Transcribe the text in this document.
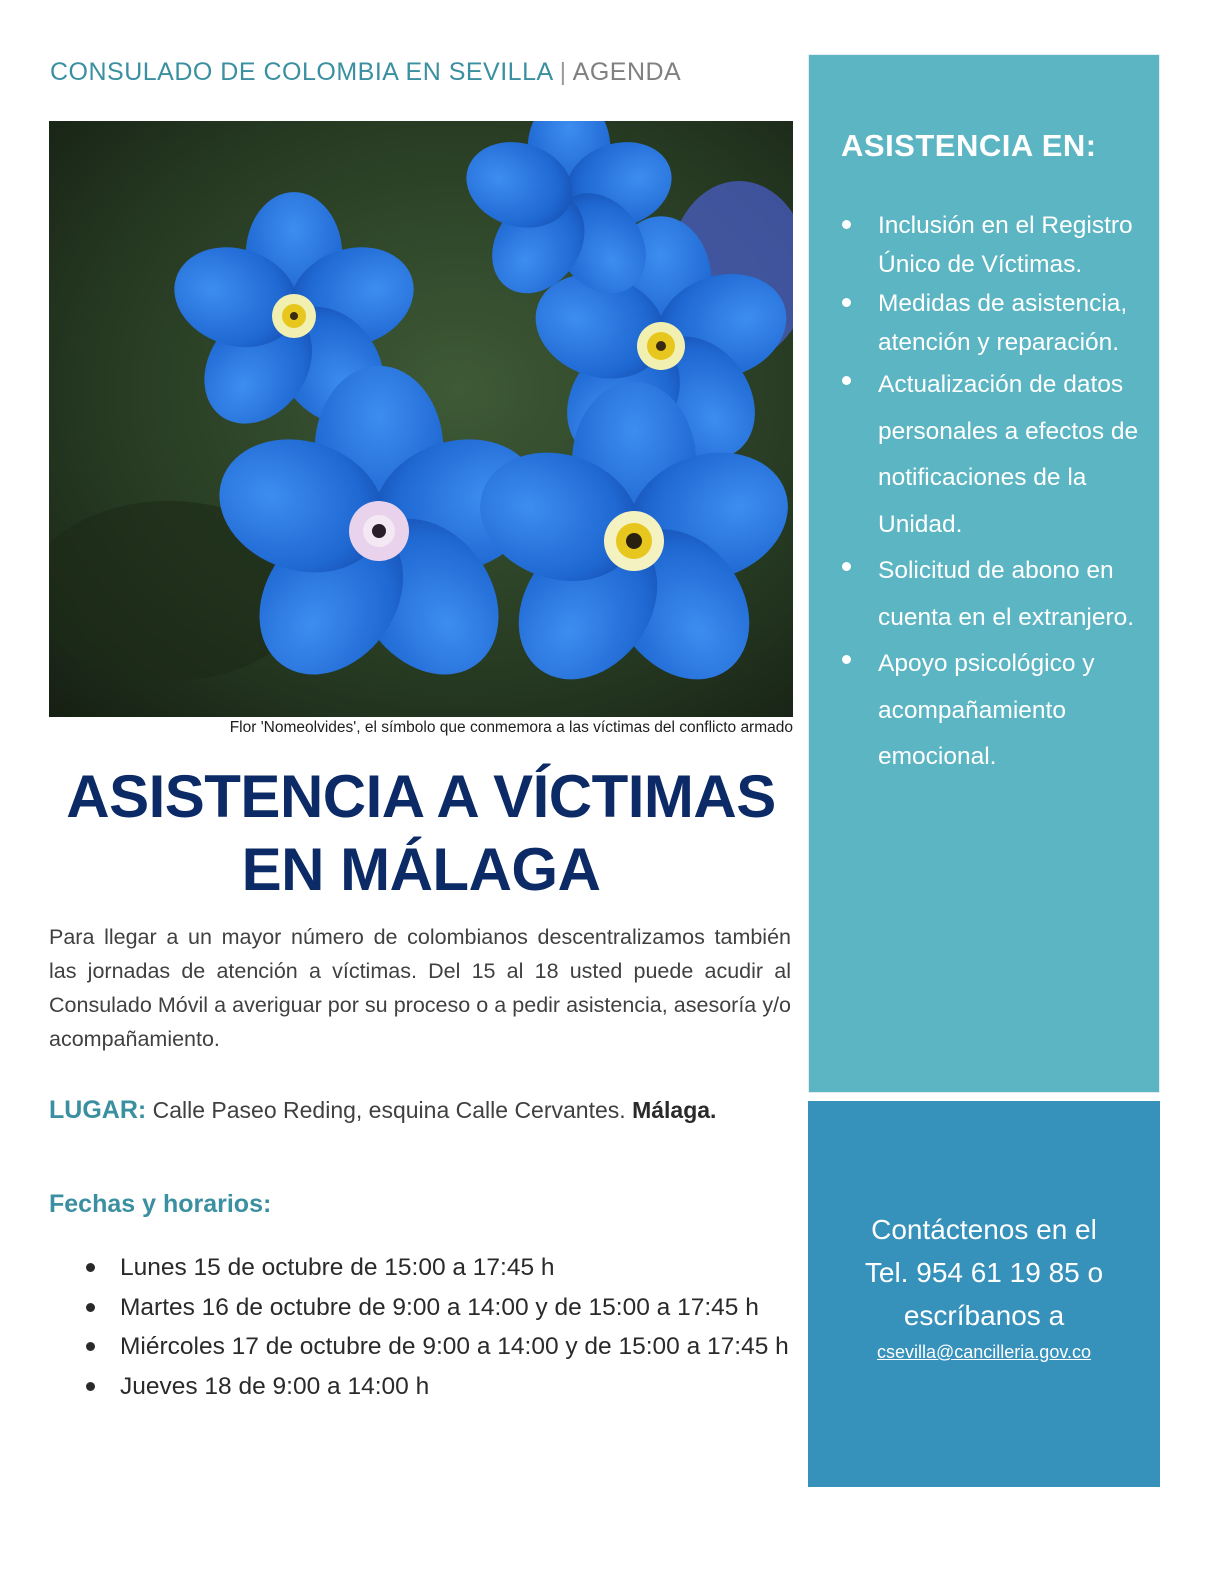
CONSULADO DE COLOMBIA EN SEVILLA | AGENDA
Flor 'Nomeolvides', el símbolo que conmemora a las víctimas del conflicto armado
ASISTENCIA A VÍCTIMAS
EN MÁLAGA
Para llegar a un mayor número de colombianos descentralizamos también las jornadas de atención a víctimas. Del 15 al 18 usted puede acudir al Consulado Móvil a averiguar por su proceso o a pedir asistencia, asesoría y/o acompañamiento.
LUGAR: Calle Paseo Reding, esquina Calle Cervantes. Málaga.
Fechas y horarios:
Lunes 15 de octubre de 15:00 a 17:45 h
Martes 16 de octubre de 9:00 a 14:00 y de 15:00 a 17:45 h
Miércoles 17 de octubre de 9:00 a 14:00 y de 15:00 a 17:45 h
Jueves 18 de 9:00 a 14:00 h
ASISTENCIA EN:
Inclusión en el Registro Único de Víctimas.
Medidas de asistencia, atención y reparación.
Actualización de datos personales a efectos de notificaciones de la Unidad.
Solicitud de abono en cuenta en el extranjero.
Apoyo psicológico y acompañamiento emocional.
Contáctenos en el
Tel. 954 61 19 85 o
escríbanos a
csevilla@cancilleria.gov.co
